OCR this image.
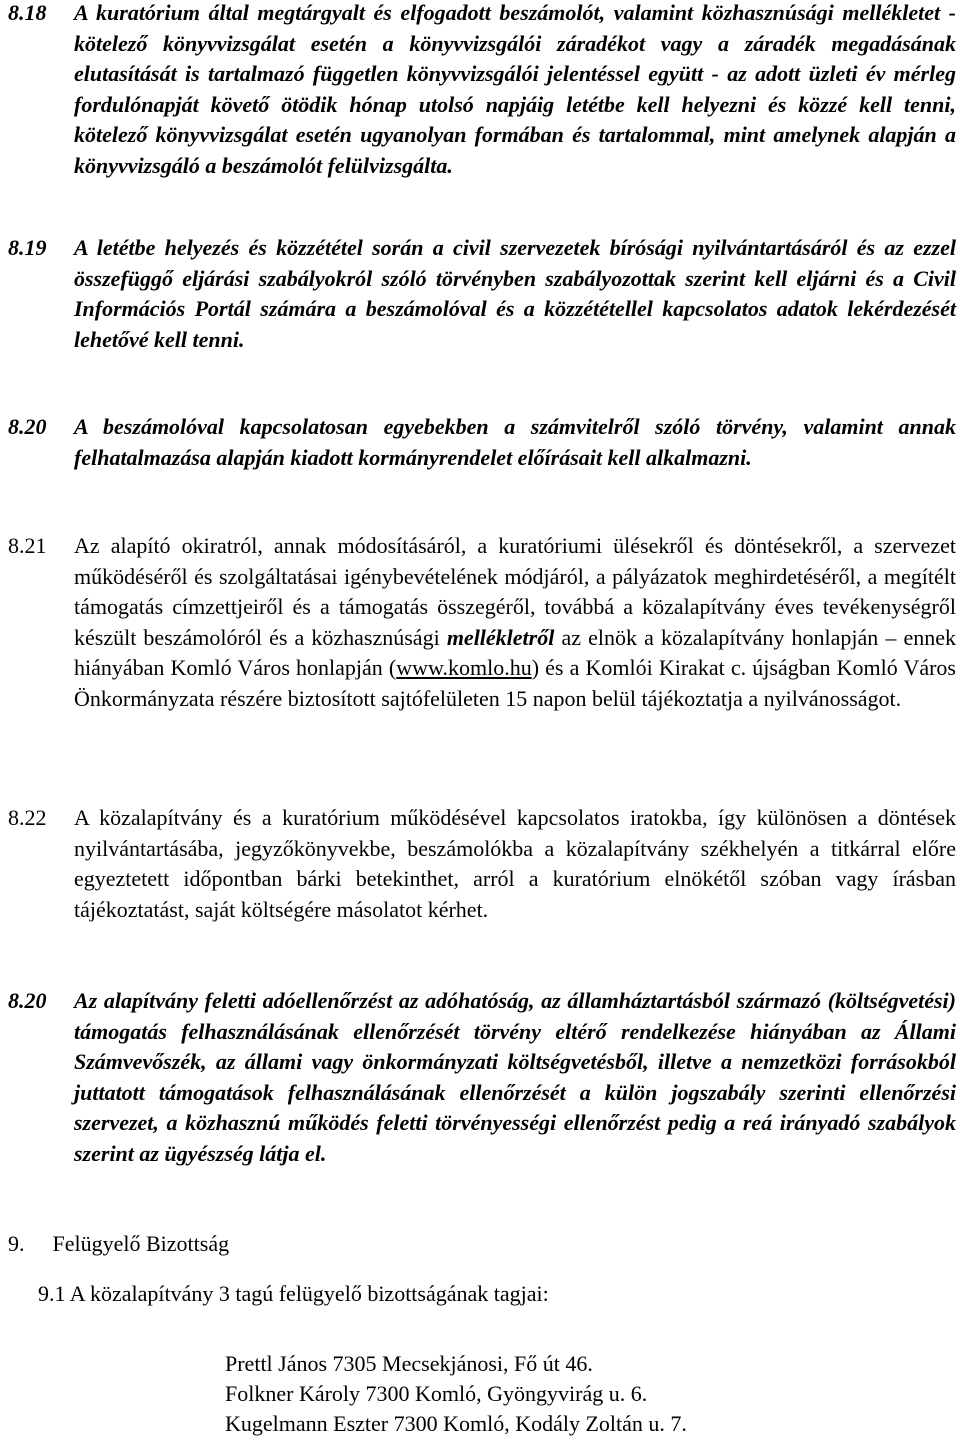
8.18 A kuratórium által megtárgyalt és elfogadott beszámolót, valamint közhasznúsági mellékletet - kötelező könyvvizsgálat esetén a könyvvizsgálói záradékot vagy a záradék megadásának elutasítását is tartalmazó független könyvvizsgálói jelentéssel együtt - az adott üzleti év mérleg fordulónapját követő ötödik hónap utolsó napjáig letétbe kell helyezni és közzé kell tenni, kötelező könyvvizsgálat esetén ugyanolyan formában és tartalommal, mint amelynek alapján a könyvvizsgáló a beszámolót felülvizsgálta.
8.19 A letétbe helyezés és közzététel során a civil szervezetek bírósági nyilvántartásáról és az ezzel összefüggő eljárási szabályokról szóló törvényben szabályozottak szerint kell eljárni és a Civil Információs Portál számára a beszámolóval és a közzététellel kapcsolatos adatok lekérdezését lehetővé kell tenni.
8.20 A beszámolóval kapcsolatosan egyebekben a számvitelről szóló törvény, valamint annak felhatalmazása alapján kiadott kormányrendelet előírásait kell alkalmazni.
8.21 Az alapító okiratról, annak módosításáról, a kuratóriumi ülésekről és döntésekről, a szervezet működéséről és szolgáltatásai igénybevételének módjáról, a pályázatok meghirdetéséről, a megítélt támogatás címzettjeiről és a támogatás összegéről, továbbá a közalapítvány éves tevékenységről készült beszámolóról és a közhasznúsági mellékletről az elnök a közalapítvány honlapján – ennek hiányában Komló Város honlapján (www.komlo.hu) és a Komlói Kirakat c. újságban Komló Város Önkormányzata részére biztosított sajtófelületen 15 napon belül tájékoztatja a nyilvánosságot.
8.22 A közalapítvány és a kuratórium működésével kapcsolatos iratokba, így különösen a döntések nyilvántartásába, jegyzőkönyvekbe, beszámolókba a közalapítvány székhelyén a titkárral előre egyeztetett időpontban bárki betekinthet, arról a kuratórium elnökétől szóban vagy írásban tájékoztatást, saját költségére másolatot kérhet.
8.20 Az alapítvány feletti adóellenőrzést az adóhatóság, az államháztartásból származó (költségvetési) támogatás felhasználásának ellenőrzését törvény eltérő rendelkezése hiányában az Állami Számvevőszék, az állami vagy önkormányzati költségvetésből, illetve a nemzetközi forrásokból juttatott támogatások felhasználásának ellenőrzését a külön jogszabály szerinti ellenőrzési szervezet, a közhasznú működés feletti törvényességi ellenőrzést pedig a reá irányadó szabályok szerint az ügyészség látja el.
9. Felügyelő Bizottság
9.1 A közalapítvány 3 tagú felügyelő bizottságának tagjai:
Prettl János 7305 Mecsekjánosi, Fő út 46.
Folkner Károly 7300 Komló, Gyöngyvirág u. 6.
Kugelmann Eszter 7300 Komló, Kodály Zoltán u. 7.
